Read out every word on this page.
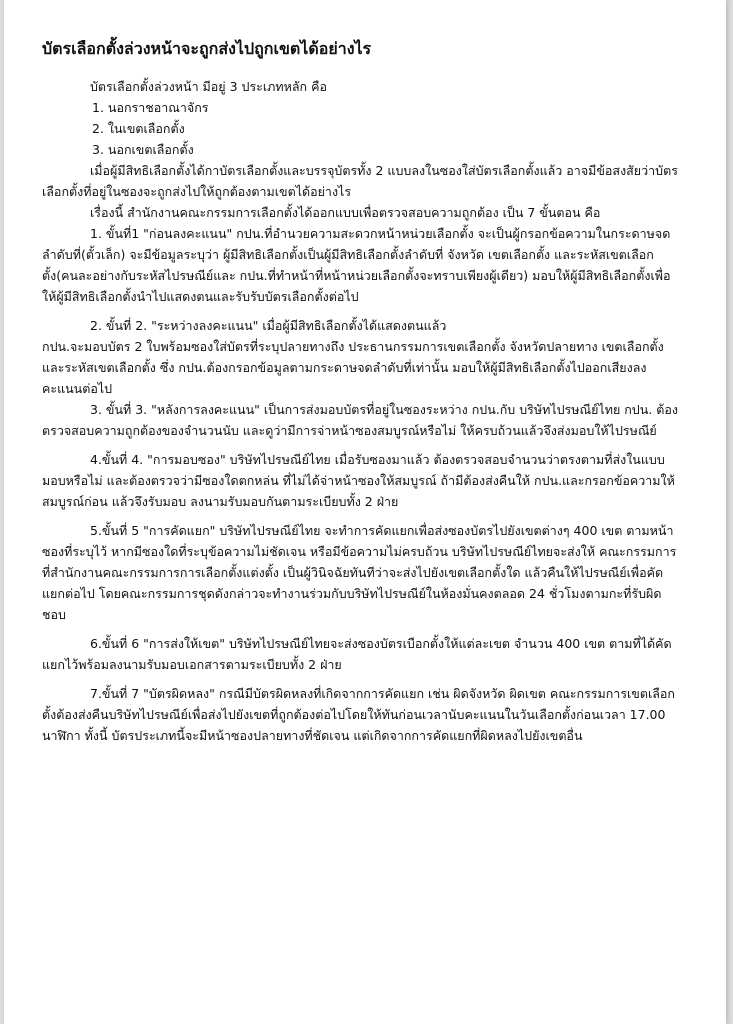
บัตรเลือกตั้งล่วงหน้าจะถูกส่งไปถูกเขตได้อย่างไร

บัตรเลือกตั้งล่วงหน้า มีอยู่ 3 ประเภทหลัก คือ

1. นอกราชอาณาจักร

2. ในเขตเลือกตั้ง

3. นอกเขตเลือกตั้ง

เมื่อผู้มีสิทธิเลือกตั้งได้กาบัตรเลือกตั้งและบรรจุบัตรทั้ง 2 แบบลงในซองใส่บัตรเลือกตั้งแล้ว อาจมีข้อสงสัยว่าบัตรเลือกตั้งที่อยู่ในซองจะถูกส่งไปให้ถูกต้องตามเขตได้อย่างไร

เรื่องนี้ สำนักงานคณะกรรมการเลือกตั้งได้ออกแบบเพื่อตรวจสอบความถูกต้อง เป็น 7 ขั้นตอน คือ

1. ขั้นที่1 "ก่อนลงคะแนน" กปน.ที่อำนวยความสะดวกหน้าหน่วยเลือกตั้ง จะเป็นผู้กรอกข้อความในกระดาษจดลำดับที่(ตั้วเล็ก) จะมีข้อมูลระบุว่า ผู้มีสิทธิเลือกตั้งเป็นผู้มีสิทธิเลือกตั้งลำดับที่ จังหวัด เขตเลือกตั้ง และระหัสเขตเลือกตั้ง(คนละอย่างกับระหัสไปรษณีย์และ กปน.ที่ทำหน้าที่หน้าหน่วยเลือกตั้งจะทราบเพียงผู้เดียว) มอบให้ผู้มีสิทธิเลือกตั้งเพื่อให้ผู้มีสิทธิเลือกตั้งนำไปแสดงตนและรับรับบัตรเลือกตั้งต่อไป

2. ขั้นที่ 2. "ระหว่างลงคะแนน" เมื่อผู้มีสิทธิเลือกตั้งได้แสดงตนแล้ว

กปน.จะมอบบัตร 2 ใบพร้อมซองใส่บัตรที่ระบุปลายทางถึง ประธานกรรมการเขตเลือกตั้ง จังหวัดปลายทาง เขตเลือกตั้งและระหัสเขตเลือกตั้ง ซึ่ง กปน.ต้องกรอกข้อมูลตามกระดาษจดลำดับที่เท่านั้น มอบให้ผู้มีสิทธิเลือกตั้งไปออกเสียงลงคะแนนต่อไป

3. ขั้นที่ 3. "หลังการลงคะแนน" เป็นการส่งมอบบัตรที่อยู่ในซองระหว่าง กปน.กับ บริษัทไปรษณีย์ไทย กปน. ต้องตรวจสอบความถูกต้องของจำนวนนับ และดูว่ามีการจ่าหน้าซองสมบูรณ์หรือไม่ ให้ครบถ้วนแล้วจึงส่งมอบให้ไปรษณีย์

4.ขั้นที่ 4. "การมอบซอง" บริษัทไปรษณีย์ไทย เมื่อรับซองมาแล้ว ต้องตรวจสอบจำนวนว่าตรงตามที่ส่งในแบบมอบหรือไม่ และต้องตรวจว่ามีซองใดตกหล่น ที่ไม่ได้จ่าหน้าซองให้สมบูรณ์ ถ้ามีต้องส่งคืนให้ กปน.และกรอกข้อความให้สมบูรณ์ก่อน แล้วจึงรับมอบ ลงนามรับมอบกันตามระเบียบทั้ง 2 ฝ่าย

5.ขั้นที่ 5 "การคัดแยก" บริษัทไปรษณีย์ไทย จะทำการคัดแยกเพื่อส่งซองบัตรไปยังเขตต่างๆ 400 เขต ตามหน้าซองที่ระบุไว้ หากมีซองใดที่ระบุข้อความไม่ชัดเจน หรือมีข้อความไม่ครบถ้วน บริษัทไปรษณีย์ไทยจะส่งให้ คณะกรรมการที่สำนักงานคณะกรรมการการเลือกตั้งแต่งตั้ง เป็นผู้วินิจฉัยทันทีว่าจะส่งไปยังเขตเลือกตั้งใด แล้วคืนให้ไปรษณีย์เพื่อคัดแยกต่อไป โดยคณะกรรมการชุดดังกล่าวจะทำงานร่วมกับบริษัทไปรษณีย์ในห้องมั่นคงตลอด 24 ชั่วโมงตามกะที่รับผิดชอบ

6.ขั้นที่ 6 "การส่งให้เขต" บริษัทไปรษณีย์ไทยจะส่งซองบัตรเบือกตั้งให้แต่ละเขต จำนวน 400 เขต ตามที่ได้คัดแยกไว้พร้อมลงนามรับมอบเอกสารตามระเบียบทั้ง 2 ฝ่าย

7.ขั้นที่ 7 "บัตรผิดหลง" กรณีมีบัตรผิดหลงที่เกิดจากการคัดแยก เช่น ผิดจังหวัด ผิดเขต คณะกรรมการเขตเลือกตั้งต้องส่งคืนบริษัทไปรษณีย์เพื่อส่งไปยังเขตที่ถูกต้องต่อไปโดยให้ทันก่อนเวลานับคะแนนในวันเลือกตั้งก่อนเวลา 17.00 นาฬิกา ทั้งนี้ บัตรประเภทนี้จะมีหน้าซองปลายทางที่ชัดเจน แต่เกิดจากการคัดแยกที่ผิดหลงไปยังเขตอื่น
